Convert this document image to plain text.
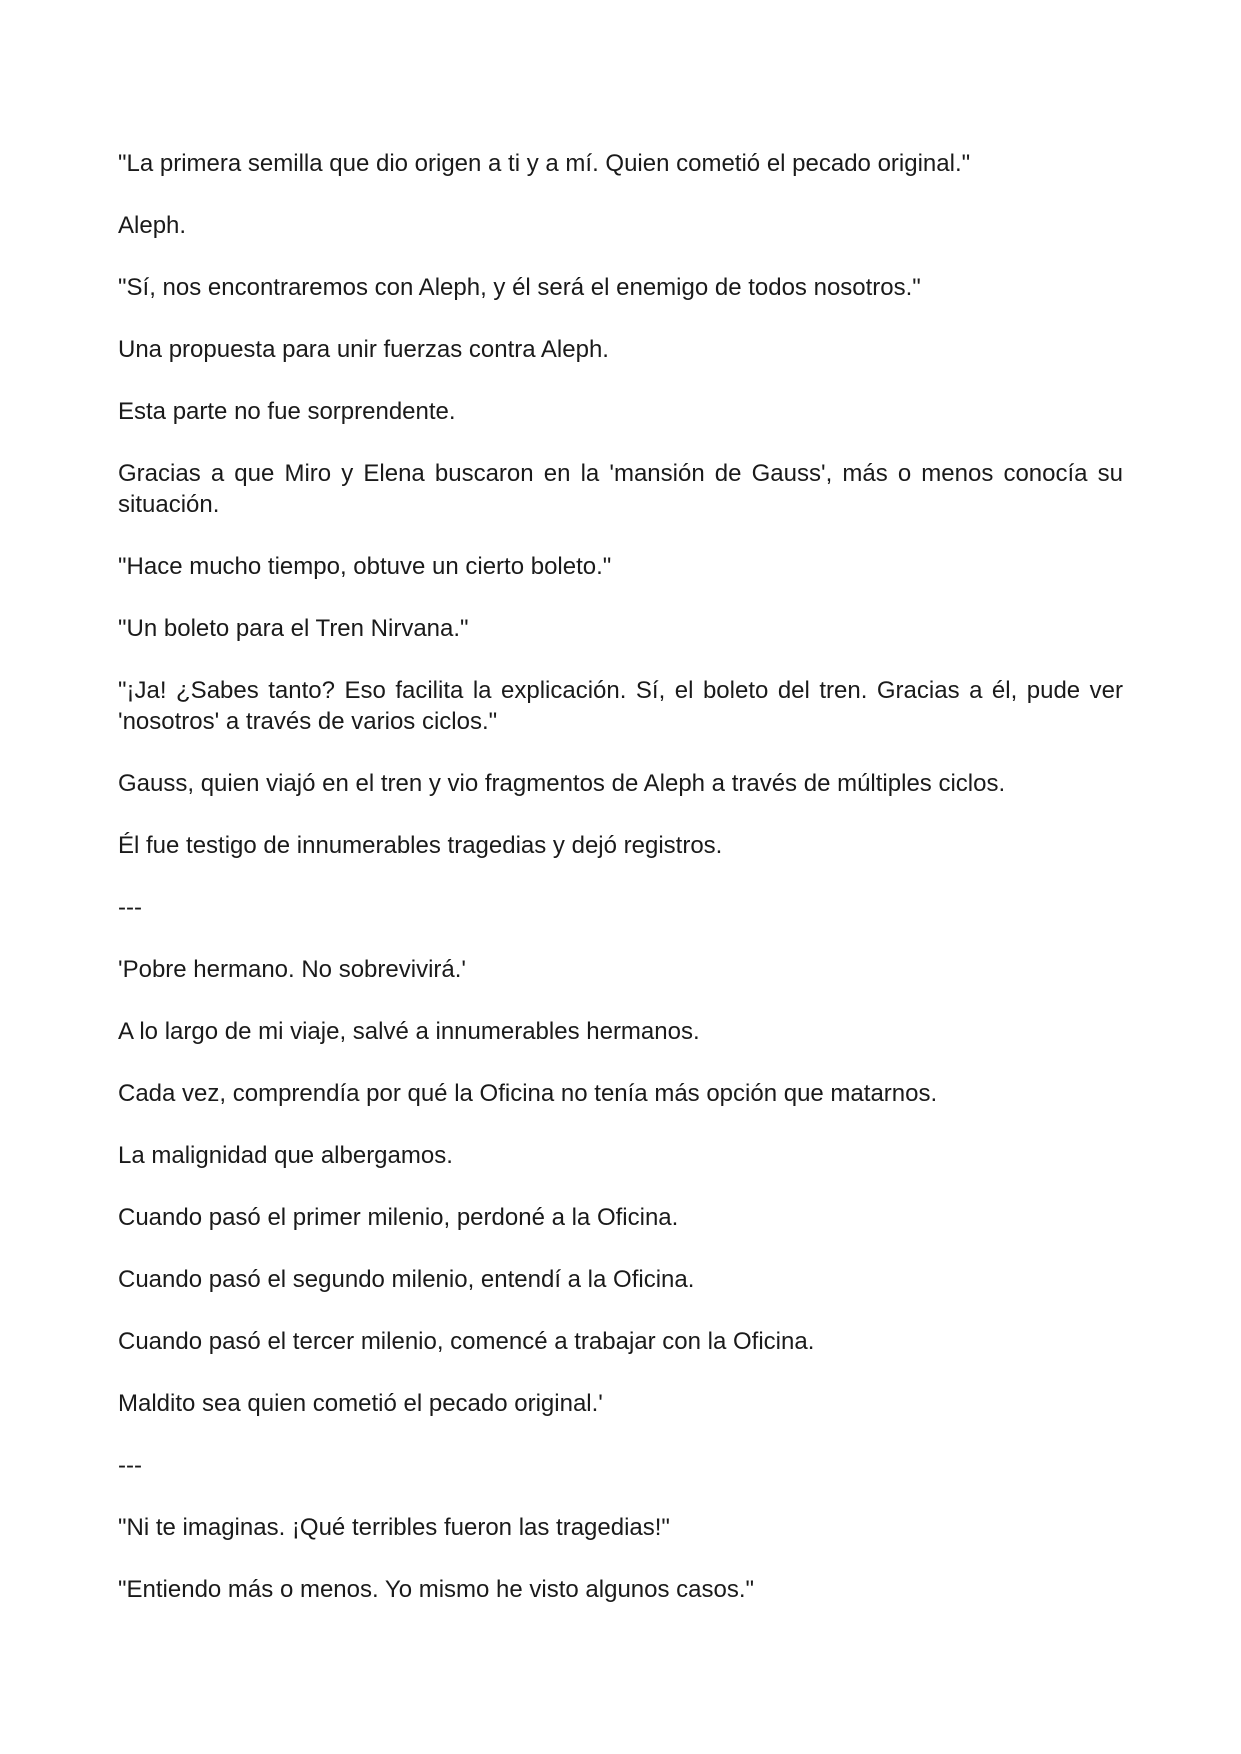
"La primera semilla que dio origen a ti y a mí. Quien cometió el pecado original."

Aleph.

"Sí, nos encontraremos con Aleph, y él será el enemigo de todos nosotros."

Una propuesta para unir fuerzas contra Aleph.

Esta parte no fue sorprendente.

Gracias a que Miro y Elena buscaron en la 'mansión de Gauss', más o menos conocía su situación.

"Hace mucho tiempo, obtuve un cierto boleto."

"Un boleto para el Tren Nirvana."

"¡Ja! ¿Sabes tanto? Eso facilita la explicación. Sí, el boleto del tren. Gracias a él, pude ver 'nosotros' a través de varios ciclos."

Gauss, quien viajó en el tren y vio fragmentos de Aleph a través de múltiples ciclos.

Él fue testigo de innumerables tragedias y dejó registros.

---

'Pobre hermano. No sobrevivirá.'

A lo largo de mi viaje, salvé a innumerables hermanos.

Cada vez, comprendía por qué la Oficina no tenía más opción que matarnos.

La malignidad que albergamos.

Cuando pasó el primer milenio, perdoné a la Oficina.

Cuando pasó el segundo milenio, entendí a la Oficina.

Cuando pasó el tercer milenio, comencé a trabajar con la Oficina.

Maldito sea quien cometió el pecado original.'

---

"Ni te imaginas. ¡Qué terribles fueron las tragedias!"

"Entiendo más o menos. Yo mismo he visto algunos casos."
